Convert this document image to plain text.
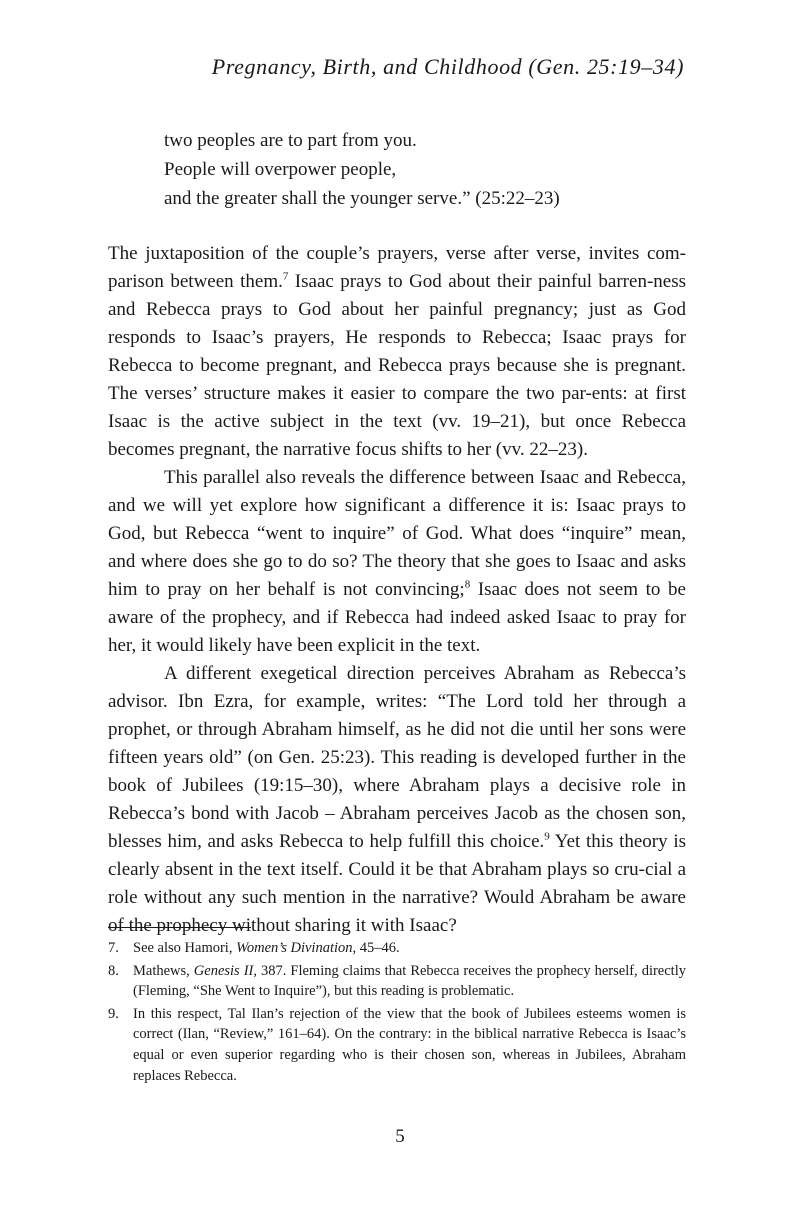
Pregnancy, Birth, and Childhood (Gen. 25:19–34)
two peoples are to part from you.
People will overpower people,
and the greater shall the younger serve.” (25:22–23)

The juxtaposition of the couple’s prayers, verse after verse, invites com-parison between them.$^7$ Isaac prays to God about their painful barren-ness and Rebecca prays to God about her painful pregnancy; just as God responds to Isaac’s prayers, He responds to Rebecca; Isaac prays for Rebecca to become pregnant, and Rebecca prays because she is pregnant. The verses’ structure makes it easier to compare the two par-ents: at first Isaac is the active subject in the text (vv. 19–21), but once Rebecca becomes pregnant, the narrative focus shifts to her (vv. 22–23).

This parallel also reveals the difference between Isaac and Rebecca, and we will yet explore how significant a difference it is: Isaac prays to God, but Rebecca “went to inquire” of God. What does “inquire” mean, and where does she go to do so? The theory that she goes to Isaac and asks him to pray on her behalf is not convincing;$^8$ Isaac does not seem to be aware of the prophecy, and if Rebecca had indeed asked Isaac to pray for her, it would likely have been explicit in the text.

A different exegetical direction perceives Abraham as Rebecca’s advisor. Ibn Ezra, for example, writes: “The Lord told her through a prophet, or through Abraham himself, as he did not die until her sons were fifteen years old” (on Gen. 25:23). This reading is developed further in the book of Jubilees (19:15–30), where Abraham plays a decisive role in Rebecca’s bond with Jacob – Abraham perceives Jacob as the chosen son, blesses him, and asks Rebecca to help fulfill this choice.$^9$ Yet this theory is clearly absent in the text itself. Could it be that Abraham plays so cru-cial a role without any such mention in the narrative? Would Abraham be aware of the prophecy without sharing it with Isaac?

7. See also Hamori, Women’s Divination, 45–46.
8. Mathews, Genesis II, 387. Fleming claims that Rebecca receives the prophecy herself, directly (Fleming, “She Went to Inquire”), but this reading is problematic.
9. In this respect, Tal Ilan’s rejection of the view that the book of Jubilees esteems women is correct (Ilan, “Review,” 161–64). On the contrary: in the biblical narrative Rebecca is Isaac’s equal or even superior regarding who is their chosen son, whereas in Jubilees, Abraham replaces Rebecca.
5
